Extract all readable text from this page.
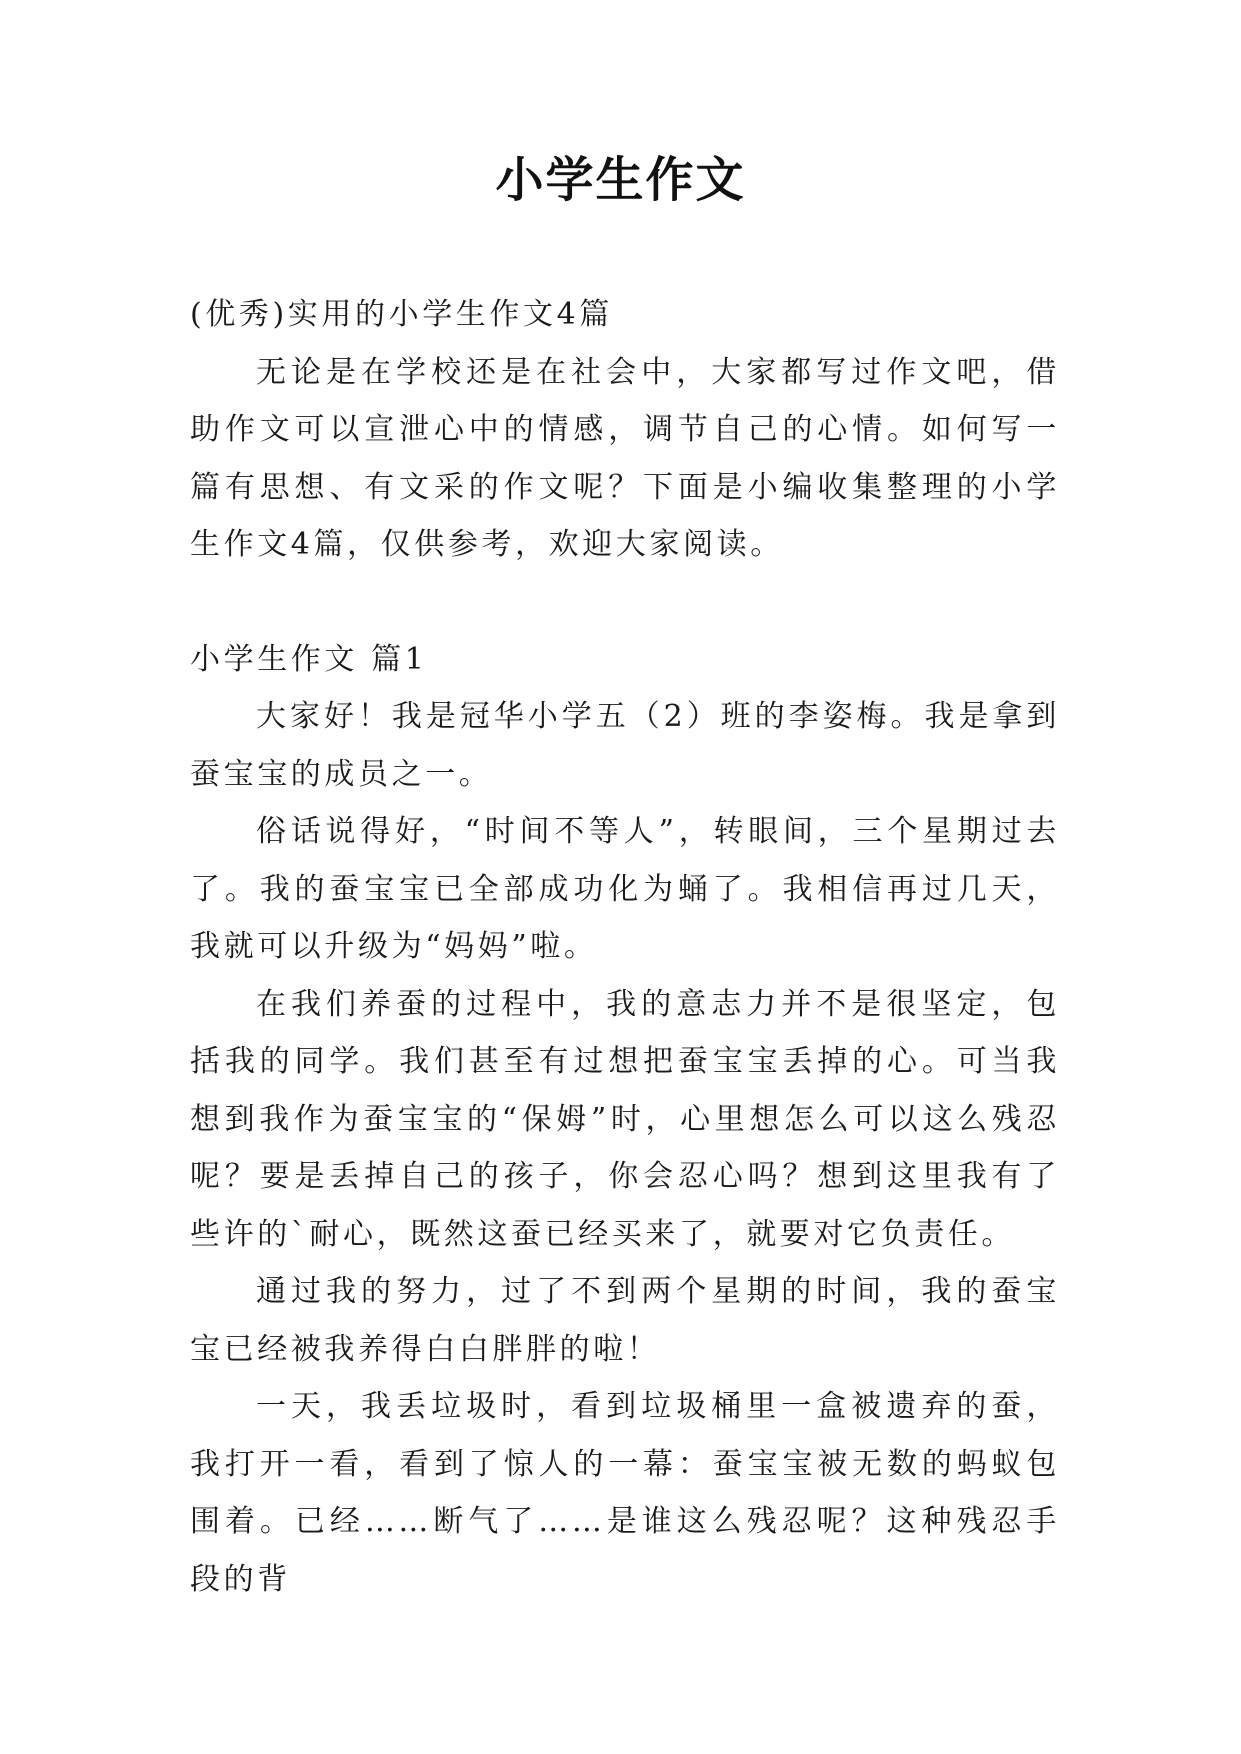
小学生作文

(优秀)实用的小学生作文4篇

无论是在学校还是在社会中，大家都写过作文吧，借助作文可以宣泄心中的情感，调节自己的心情。如何写一篇有思想、有文采的作文呢？下面是小编收集整理的小学生作文4篇，仅供参考，欢迎大家阅读。

小学生作文 篇1

大家好！我是冠华小学五（2）班的李姿梅。我是拿到蚕宝宝的成员之一。

俗话说得好，“时间不等人”，转眼间，三个星期过去了。我的蚕宝宝已全部成功化为蛹了。我相信再过几天，我就可以升级为“妈妈”啦。

在我们养蚕的过程中，我的意志力并不是很坚定，包括我的同学。我们甚至有过想把蚕宝宝丢掉的心。可当我想到我作为蚕宝宝的“保姆”时，心里想怎么可以这么残忍呢？要是丢掉自己的孩子，你会忍心吗？想到这里我有了些许的`耐心，既然这蚕已经买来了，就要对它负责任。

通过我的努力，过了不到两个星期的时间，我的蚕宝宝已经被我养得白白胖胖的啦！

一天，我丢垃圾时，看到垃圾桶里一盒被遗弃的蚕，我打开一看，看到了惊人的一幕：蚕宝宝被无数的蚂蚁包围着。已经……断气了……是谁这么残忍呢？这种残忍手段的背
